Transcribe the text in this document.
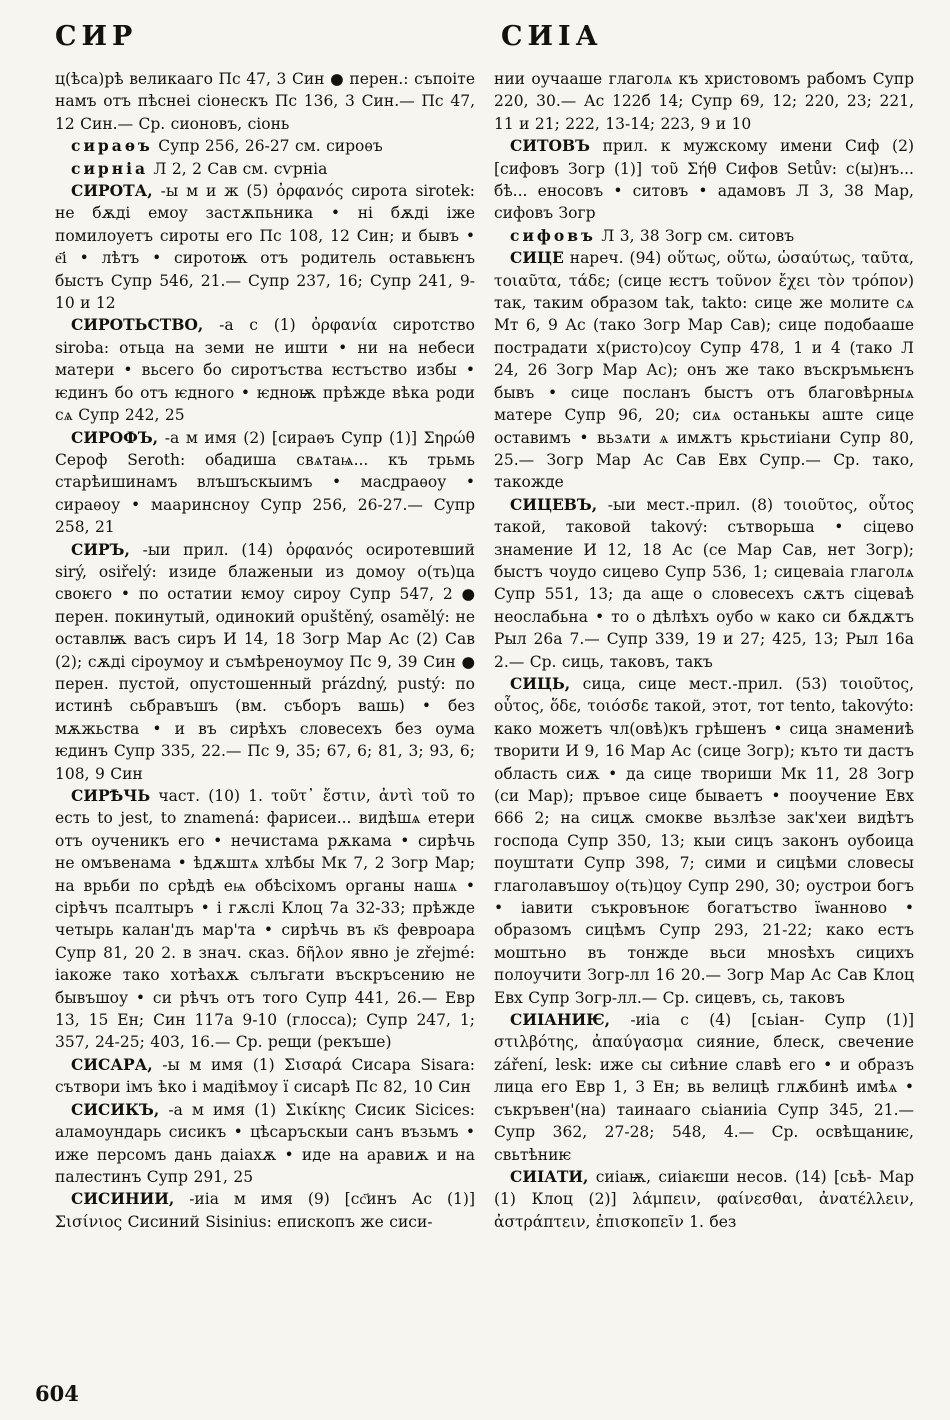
СИР	СИІА

ц(ѣса)рѣ великааго Пс 47, 3 Син ● перен.: съпоіте намъ отъ пѣснеі сіонескъ Пс 136, 3 Син.— Пс 47, 12 Син.— Ср. сионовъ, сіонь

сираѳъ Супр 256, 26-27 см. сироѳъ

сирніа Л 2, 2 Сав см. сѵрніа

СИРОТА, -ы м и ж (5) ὀρφανός сирота sirotek: не бѫді емоу застѫпьника • ні бѫді іже помилоуетъ сироты его Пс 108, 12 Син; и бывъ • е҃і • лѣтъ • сиротоѭ отъ родитель оставьѥнъ быстъ Супр 546, 21.— Супр 237, 16; Супр 241, 9-10 и 12

СИРОТЬСТВО, -а с (1) ὀρφανία сиротство siroba: отьца на земи не ишти • ни на небеси матери • вьсего бо сиротъства ѥстъство избы • ѥдинъ бо отъ ѥдного • ѥдноѭ прѣжде вѣка роди сѧ Супр 242, 25

СИРОФЪ, -а м имя (2) [сираѳъ Супр (1)] Σηρώθ Сероф Seroth: обадиша свѧтаѩ... къ трьмь старѣишинамъ влъшъскыимъ • масдраѳоу • сираѳоу • мааринсноу Супр 256, 26-27.— Супр 258, 21

СИРЪ, -ыи прил. (14) ὀρφανός осиротевший sirý, osiřelý: изиде блаженыи из домоу о(ть)ца своѥго • по остатии ѥмоу сироу Супр 547, 2 ● перен. покинутый, одинокий opuštěný, osamělý: не оставлѭ васъ сиръ И 14, 18 Зогр Мар Ас (2) Сав (2); сѫді сіроумоу и съмѣреноумоу Пс 9, 39 Син ● перен. пустой, опустошенный prázdný, pustý: по истинѣ сьбравъшъ (вм. съборъ вашь) • без мѫжьства • и въ сирѣхъ словесехъ без оума ѥдинъ Супр 335, 22.— Пс 9, 35; 67, 6; 81, 3; 93, 6; 108, 9 Син

СИРѢЧЬ част. (10) 1. τοῦτ᾽ ἔστιν, ἀντὶ τοῦ то есть to jest, to znamená: фарисеи... видѣшѧ етери отъ оученикъ его • нечистама рѫкама • сирѣчь не омъвенама • ѣдѫштѧ хлѣбы Мк 7, 2 Зогр Мар; на врьби по срѣдѣ еѩ обѣсіхомъ органы нашѧ • сірѣчъ псалтыръ • і гѫслі Клоц 7а 32-33; прѣжде четырь калан'дъ мар'та • сирѣчь въ к҃ѕ февроара Супр 81, 20 2. в знач. сказ. δῆλον явно je zřejmé: іакоже тако хотѣахѫ сълъгати въскръсению не бывъшоу • си рѣчъ отъ того Супр 441, 26.— Евр 13, 15 Ен; Син 117а 9-10 (глосса); Супр 247, 1; 357, 24-25; 403, 16.— Ср. рещи (рекъше)

СИСАРА, -ы м имя (1) Σισαρά Сисара Sisara: сътвори імъ ѣко і мадіѣмоу ї сисарѣ Пс 82, 10 Син

СИСИКЪ, -а м имя (1) Σικίκης Сисик Sicices: аламоундарь сисикъ • цѣсаръскыи санъ възьмъ • иже персомъ дань даіахѫ • иде на аравиѫ и на палестинъ Супр 291, 25

СИСИНИИ, -иіа м имя (9) [сс҃инъ Ас (1)] Σισίνιος Сисиний Sisinius: епископъ же сиси-

нии оучааше глаголѧ къ христовомъ рабомъ Супр 220, 30.— Ас 122б 14; Супр 69, 12; 220, 23; 221, 11 и 21; 222, 13-14; 223, 9 и 10

СИТОВЪ прил. к мужскому имени Сиф (2) [сифовъ Зогр (1)] τοῦ Σήθ Сифов Setův: с(ы)нъ... бѣ... еносовъ • ситовъ • адамовъ Л 3, 38 Мар, сифовъ Зогр

сифовъ Л 3, 38 Зогр см. ситовъ

СИЦЕ нареч. (94) οὕτως, οὕτω, ὡσαύτως, ταῦτα, τοιαῦτα, τάδε; (сице ѥстъ τοῦνον ἔχει τὸν τρόπον) так, таким образом tak, takto: сице же молите сѧ Мт 6, 9 Ас (тако Зогр Мар Сав); сице подобааше пострадати х(ристо)соу Супр 478, 1 и 4 (тако Л 24, 26 Зогр Мар Ас); онъ же тако въскръмьѥнъ бывъ • сице посланъ быстъ отъ благовѣрныѧ матере Супр 96, 20; сиѧ останькы аште сице оставимъ • вьзѧти ѧ имѫтъ крьстиіани Супр 80, 25.— Зогр Мар Ас Сав Евх Супр.— Ср. тако, такожде

СИЦЕВЪ, -ыи мест.-прил. (8) τοιοῦτος, οὗτος такой, таковой takový: сътворьша • сіцево знамение И 12, 18 Ас (се Мар Сав, нет Зогр); быстъ чоудо сицево Супр 536, 1; сицеваіа глаголѧ Супр 551, 13; да аще о словесехъ сѫтъ сіцеваѣ неослабьна • то о дѣлѣхъ оубо ѡ како си бѫдѫтъ Рыл 26а 7.— Супр 339, 19 и 27; 425, 13; Рыл 16а 2.— Ср. сиць, таковъ, такъ

СИЦЬ, сица, сице мест.-прил. (53) τοιοῦτος, οὗτος, ὅδε, τοιόσδε такой, этот, тот tento, takovýto: како можетъ чл(овѣ)къ грѣшенъ • сица знамениѣ творити И 9, 16 Мар Ас (сице Зогр); къто ти дастъ область сиѫ • да сице твориши Мк 11, 28 Зогр (си Мар); пръвое сице бываетъ • пооучение Евх 666 2; на сицѫ смокве вьзлѣзе зак'хеи видѣтъ господа Супр 350, 13; кыи сицъ законъ оубоица поуштати Супр 398, 7; сими и сицѣми словесы глаголавъшоу о(ть)цоу Супр 290, 30; оустрои богъ • іавити съкровъноѥ богатъство їѡанново • образомъ сицѣмъ Супр 293, 21-22; како естъ моштьно въ тонжде вьси мноѕѣхъ сицихъ полоучити Зогр-лл 16 20.— Зогр Мар Ас Сав Клоц Евх Супр Зогр-лл.— Ср. сицевъ, сь, таковъ

СИІАНИѤ, -иіа с (4) [сьіан- Супр (1)] στιλβότης, ἀπαύγασμα сияние, блеск, свечение záření, lesk: иже сы сиѣние славѣ его • и образъ лица его Евр 1, 3 Ен; вь велицѣ глѫбинѣ имѣѧ • съкръвен'(на) таинааго сьіаниіа Супр 345, 21.— Супр 362, 27-28; 548, 4.— Ср. освѣщаниѥ, свьтѣниѥ

СИІАТИ, сиіаѭ, сиіаѥши несов. (14) [сьѣ- Мар (1) Клоц (2)] λάμπειν, φαίνεσθαι, ἀνατέλλειν, ἀστράπτειν, ἐπισκοπεῖν 1. без

604
